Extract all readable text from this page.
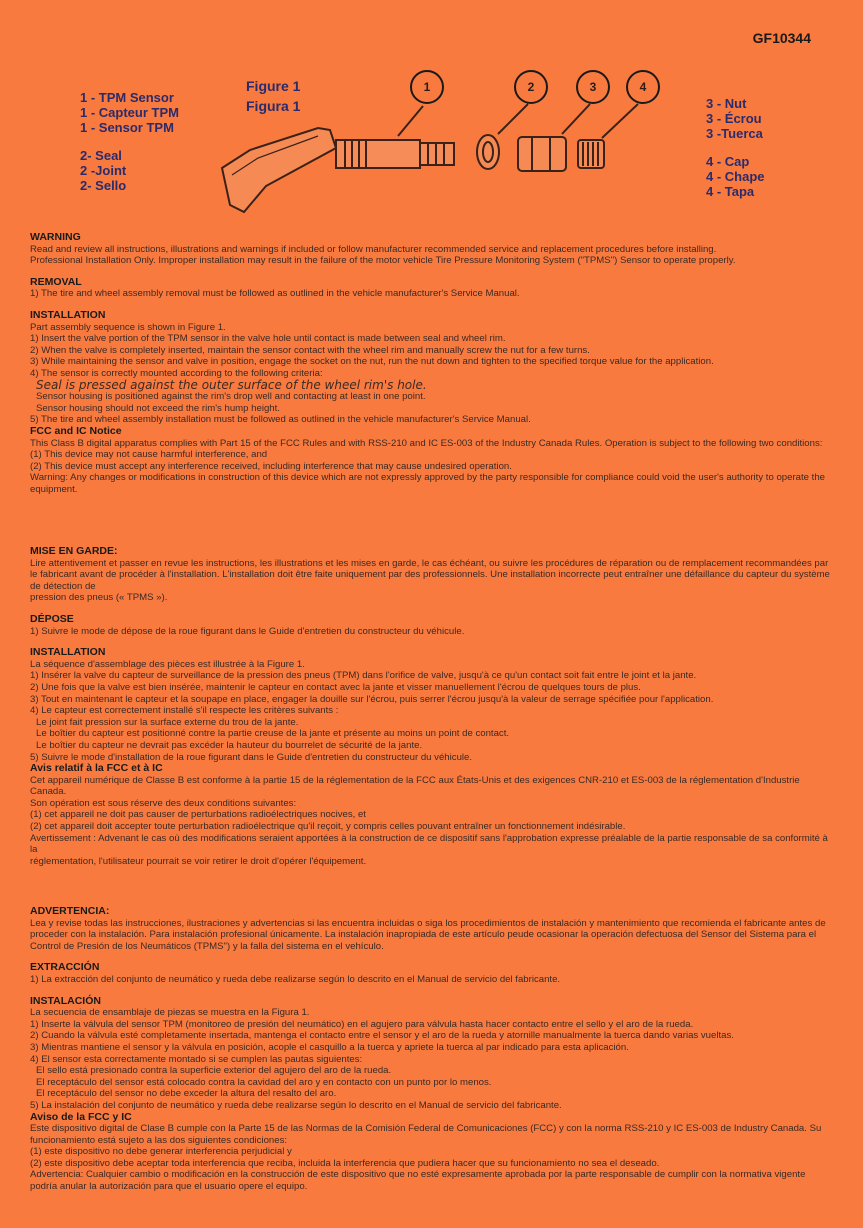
GF10344
1 - TPM Sensor
1 - Capteur TPM
1 - Sensor TPM
2- Seal
2 -Joint
2- Sello
3 - Nut
3 - Écrou
3 -Tuerca
4 - Cap
4 - Chape
4 - Tapa
Figure 1
Figura 1
1	2	3	4

WARNING

Read and review all instructions, illustrations and warnings if included or follow manufacturer recommended service and replacement procedures before installing.

Professional Installation Only. Improper installation may result in the failure of the motor vehicle Tire Pressure Monitoring System ("TPMS") Sensor to operate properly.

REMOVAL

1) The tire and wheel assembly removal must be followed as outlined in the vehicle manufacturer's Service Manual.

INSTALLATION

Part assembly sequence is shown in Figure 1.

1) Insert the valve portion of the TPM sensor in the valve hole until contact is made between seal and wheel rim.

2) When the valve is completely inserted, maintain the sensor contact with the wheel rim and manually screw the nut for a few turns.

3) While maintaining the sensor and valve in position, engage the socket on the nut, run the nut down and tighten to the specified torque value for the application.

4) The sensor is correctly mounted according to the following criteria:

Seal is pressed against the outer surface of the wheel rim's hole.

Sensor housing is positioned against the rim's drop well and contacting at least in one point.

Sensor housing should not exceed the rim's hump height.

5) The tire and wheel assembly installation must be followed as outlined in the vehicle manufacturer's Service Manual.

FCC and IC Notice

This Class B digital apparatus complies with Part 15 of the FCC Rules and with RSS-210 and IC ES-003 of the Industry Canada Rules. Operation is subject to the following two conditions:

(1) This device may not cause harmful interference, and

(2) This device must accept any interference received, including interference that may cause undesired operation.

Warning: Any changes or modifications in construction of this device which are not expressly approved by the party responsible for compliance could void the user's authority to operate the equipment.

MISE EN GARDE:

Lire attentivement et passer en revue les instructions, les illustrations et les mises en garde, le cas échéant, ou suivre les procédures de réparation ou de remplacement recommandées par le fabricant avant de procéder à l'installation. L'installation doit être faite uniquement par des professionnels. Une installation incorrecte peut entraîner une défaillance du capteur du système de détection de

pression des pneus (« TPMS »).

DÉPOSE

1) Suivre le mode de dépose de la roue figurant dans le Guide d'entretien du constructeur du véhicule.

INSTALLATION

La séquence d'assemblage des pièces est illustrée à la Figure 1.

1) Insérer la valve du capteur de surveillance de la pression des pneus (TPM) dans l'orifice de valve, jusqu'à ce qu'un contact soit fait entre le joint et la jante.

2) Une fois que la valve est bien insérée, maintenir le capteur en contact avec la jante et visser manuellement l'écrou de quelques tours de plus.

3) Tout en maintenant le capteur et la soupape en place, engager la douille sur l'écrou, puis serrer l'écrou jusqu'à la valeur de serrage spécifiée pour l'application.

4) Le capteur est correctement installé s'il respecte les critères suivants :

Le joint fait pression sur la surface externe du trou de la jante.

Le boîtier du capteur est positionné contre la partie creuse de la jante et présente au moins un point de contact.

Le boîtier du capteur ne devrait pas excéder la hauteur du bourrelet de sécurité de la jante.

5) Suivre le mode d'installation de la roue figurant dans le Guide d'entretien du constructeur du véhicule.

Avis relatif à la FCC et à IC

Cet appareil numérique de Classe B est conforme à la partie 15 de la réglementation de la FCC aux États-Unis et des exigences CNR-210 et ES-003 de la réglementation d'Industrie Canada.

Son opération est sous réserve des deux conditions suivantes:

(1) cet appareil ne doit pas causer de perturbations radioélectriques nocives, et

(2) cet appareil doit accepter toute perturbation radioélectrique qu'il reçoit, y compris celles pouvant entraîner un fonctionnement indésirable.

Avertissement : Advenant le cas où des modifications seraient apportées à la construction de ce dispositif sans l'approbation expresse préalable de la partie responsable de sa conformité à la

réglementation, l'utilisateur pourrait se voir retirer le droit d'opérer l'équipement.

ADVERTENCIA:

Lea y revise todas las instrucciones, ilustraciones y advertencias si las encuentra incluidas o siga los procedimientos de instalación y mantenimiento que recomienda el fabricante antes de proceder con la instalación. Para instalación profesional únicamente. La instalación inapropiada de este artículo peude ocasionar la operación defectuosa del Sensor del Sistema para el Control de Presión de los Neumáticos (TPMS") y la falla del sistema en el vehículo.

EXTRACCIÓN

1) La extracción del conjunto de neumático y rueda debe realizarse según lo descrito en el Manual de servicio del fabricante.

INSTALACIÓN

La secuencia de ensamblaje de piezas se muestra en la Figura 1.

1) Inserte la válvula del sensor TPM (monitoreo de presión del neumático) en el agujero para válvula hasta hacer contacto entre el sello y el aro de la rueda.

2) Cuando la válvula esté completamente insertada, mantenga el contacto entre el sensor y el aro de la rueda y atornille manualmente la tuerca dando varias vueltas.

3) Mientras mantiene el sensor y la válvula en posición, acople el casquillo a la tuerca y apriete la tuerca al par indicado para esta aplicación.

4) El sensor esta correctamente montado si se cumplen las pautas siguientes:

El sello está presionado contra la superficie exterior del agujero del aro de la rueda.

El receptáculo del sensor está colocado contra la cavidad del aro y en contacto con un punto por lo menos.

El receptáculo del sensor no debe exceder la altura del resalto del aro.

5) La instalación del conjunto de neumático y rueda debe realizarse según lo descrito en el Manual de servicio del fabricante.

Aviso de la FCC y IC

Este dispositivo digital de Clase B cumple con la Parte 15 de las Normas de la Comisión Federal de Comunicaciones (FCC) y con la norma RSS-210 y IC ES-003 de Industry Canada. Su funcionamiento está sujeto a las dos siguientes condiciones:

(1) este dispositivo no debe generar interferencia perjudicial y

(2) este dispositivo debe aceptar toda interferencia que reciba, incluida la interferencia que pudiera hacer que su funcionamiento no sea el deseado.

Advertencia: Cualquier cambio o modificación en la construcción de este dispositivo que no esté expresamente aprobada por la parte responsable de cumplir con la normativa vigente podría anular la autorización para que el usuario opere el equipo.
